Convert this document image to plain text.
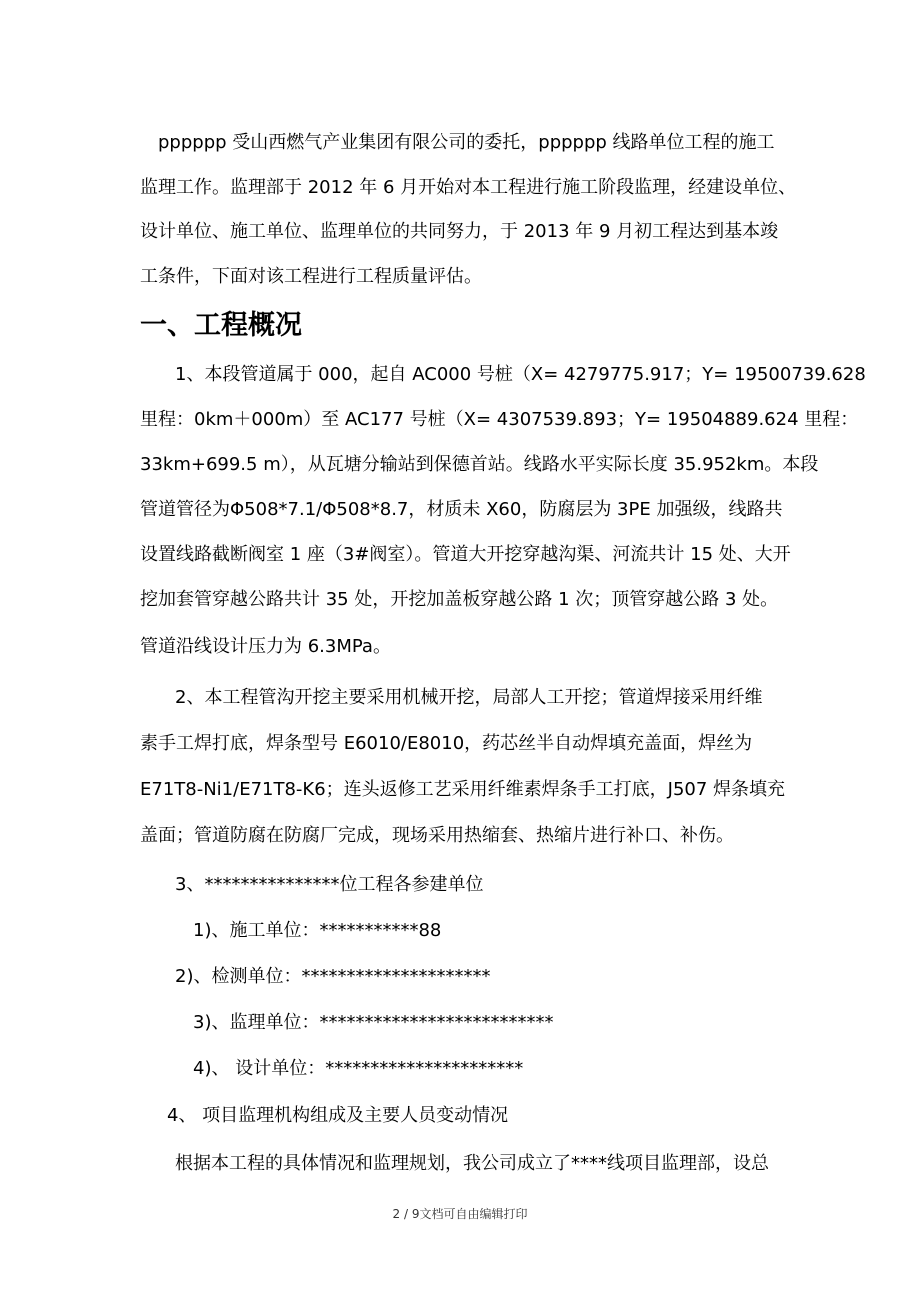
pppppp 受山西燃气产业集团有限公司的委托，pppppp 线路单位工程的施工
监理工作。监理部于 2012 年 6 月开始对本工程进行施工阶段监理，经建设单位、
设计单位、施工单位、监理单位的共同努力，于 2013 年 9 月初工程达到基本竣
工条件，下面对该工程进行工程质量评估。
一、工程概况
1、本段管道属于 000，起自 AC000 号桩（X= 4279775.917；Y= 19500739.628
里程：0km＋000m）至 AC177 号桩（X= 4307539.893；Y= 19504889.624 里程：
33km+699.5 m），从瓦塘分输站到保德首站。线路水平实际长度 35.952km。本段
管道管径为Φ508*7.1/Φ508*8.7，材质未 X60，防腐层为 3PE 加强级，线路共
设置线路截断阀室 1 座（3#阀室）。管道大开挖穿越沟渠、河流共计 15 处、大开
挖加套管穿越公路共计 35 处，开挖加盖板穿越公路 1 次；顶管穿越公路 3 处。
管道沿线设计压力为 6.3MPa。
2、本工程管沟开挖主要采用机械开挖，局部人工开挖；管道焊接采用纤维
素手工焊打底，焊条型号 E6010/E8010，药芯丝半自动焊填充盖面，焊丝为
E71T8-Ni1/E71T8-K6；连头返修工艺采用纤维素焊条手工打底，J507 焊条填充
盖面；管道防腐在防腐厂完成，现场采用热缩套、热缩片进行补口、补伤。
3、***************位工程各参建单位
1)、施工单位：***********88
2)、检测单位：*********************
3)、监理单位：**************************
4)、 设计单位：**********************
4、 项目监理机构组成及主要人员变动情况
根据本工程的具体情况和监理规划，我公司成立了****线项目监理部，设总
2 / 9文档可自由编辑打印
